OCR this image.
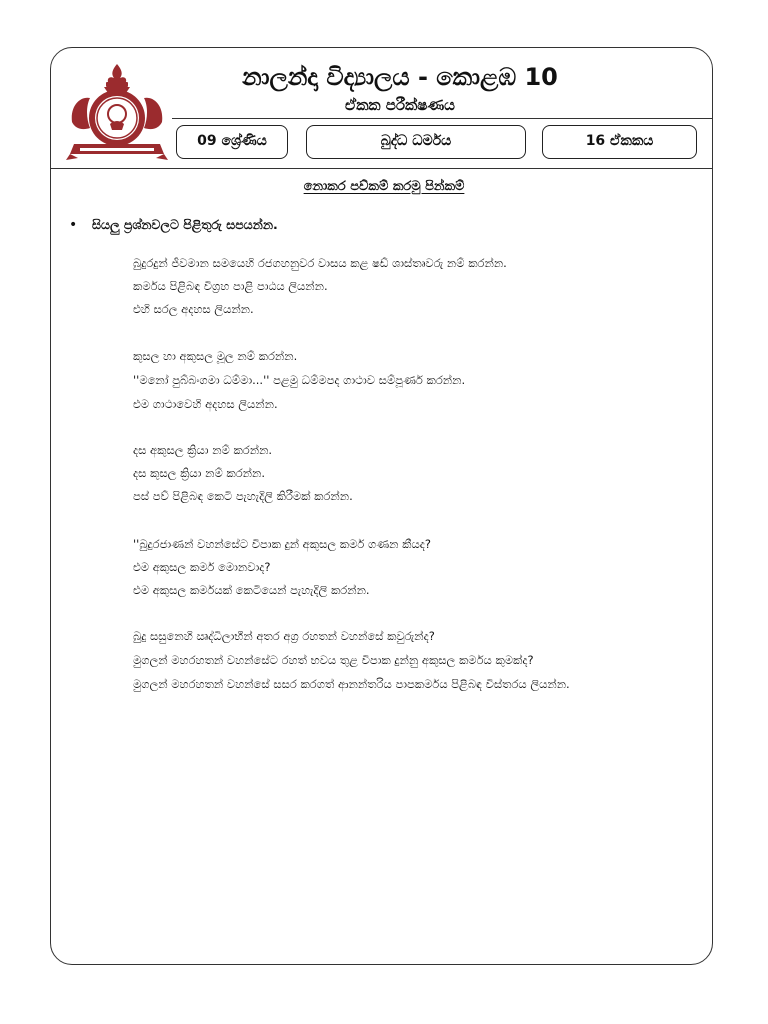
නාලන්දා විද්‍යාලය - කොළඹ 10
ඒකක පරීක්ෂණය
09 ශ්‍රේණිය	බුද්ධ ධර්මය	16 ඒකකය
නොකර පව්කම් කරමු පින්කම්
• සියලු ප්‍රශ්නවලට පිළිතුරු සපයන්න.
බුදුරදුන් ජීවමාන සමයෙහි රජගහනුවර වාසය කළ ෂඩ් ශාස්තෘවරු නම් කරන්න.
කර්මය පිළිබඳ විග්‍රහ පාළි පාඨය ලියන්න.
එහි සරල අදහස ලියන්න.
කුසල හා අකුසල මූල නම් කරන්න.
''මනෝ පුබ්බංගමා ධම්මා...'' පළමු ධම්මපද ගාථාව සම්පූර්ණ කරන්න.
එම ගාථාවෙහි අදහස ලියන්න.
දස අකුසල ක්‍රියා නම් කරන්න.
දස කුසල ක්‍රියා නම් කරන්න.
පස් පව් පිළිබඳ කෙටි පැහැදිලි කිරීමක් කරන්න.
''බුදුරජාණන් වහන්සේට විපාක දුන් අකුසල කර්ම ගණන කීයද?
එම අකුසල කර්ම මොනවාද?
එම අකුසල කර්මයක් කෙටියෙන් පැහැදිලි කරන්න.
බුදු සසුනෙහි ඍද්ධිලාභීන් අතර අග්‍ර රහතන් වහන්සේ කවුරුන්ද?
මුගලන් මහරහතන් වහන්සේට රහත් භවය තුළ විපාක දුන්නු අකුසල කර්මය කුමක්ද?
මුගලන් මහරහතන් වහන්සේ සසර කරගත් ආනන්තරිය පාපකර්මය පිළිබඳ විස්තරය ලියන්න.
